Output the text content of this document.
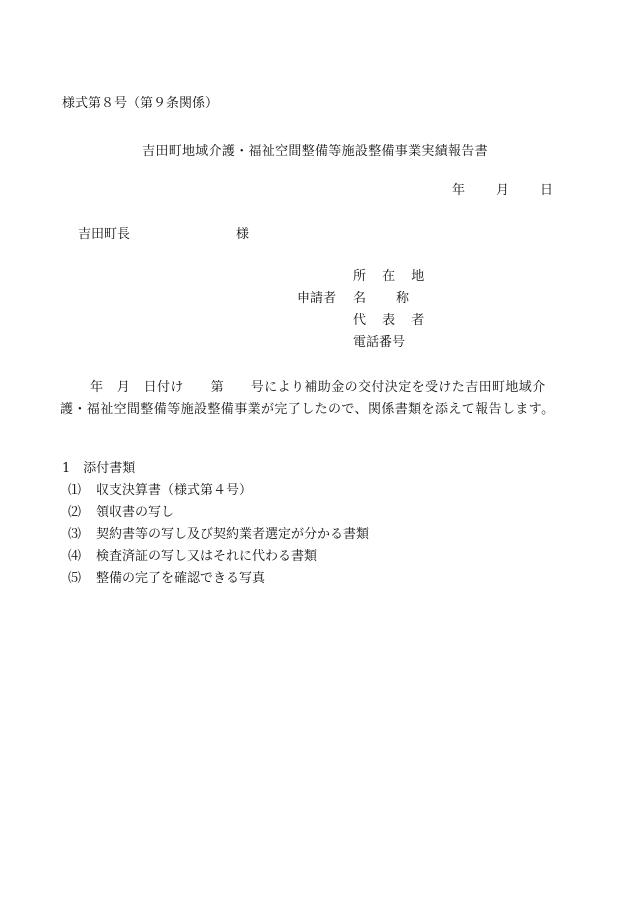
様式第８号（第９条関係）
吉田町地域介護・福祉空間整備等施設整備事業実績報告書
年 月 日
吉田町長	様
所 在 地
申請者 名 称
代 表 者
電話番号
年　月　日付け　　第　　号により補助金の交付決定を受けた吉田町地域介護・福祉空間整備等施設整備事業が完了したので、関係書類を添えて報告します。
1　添付書類
⑴	収支決算書（様式第４号）
⑵	領収書の写し
⑶	契約書等の写し及び契約業者選定が分かる書類
⑷	検査済証の写し又はそれに代わる書類
⑸	整備の完了を確認できる写真
